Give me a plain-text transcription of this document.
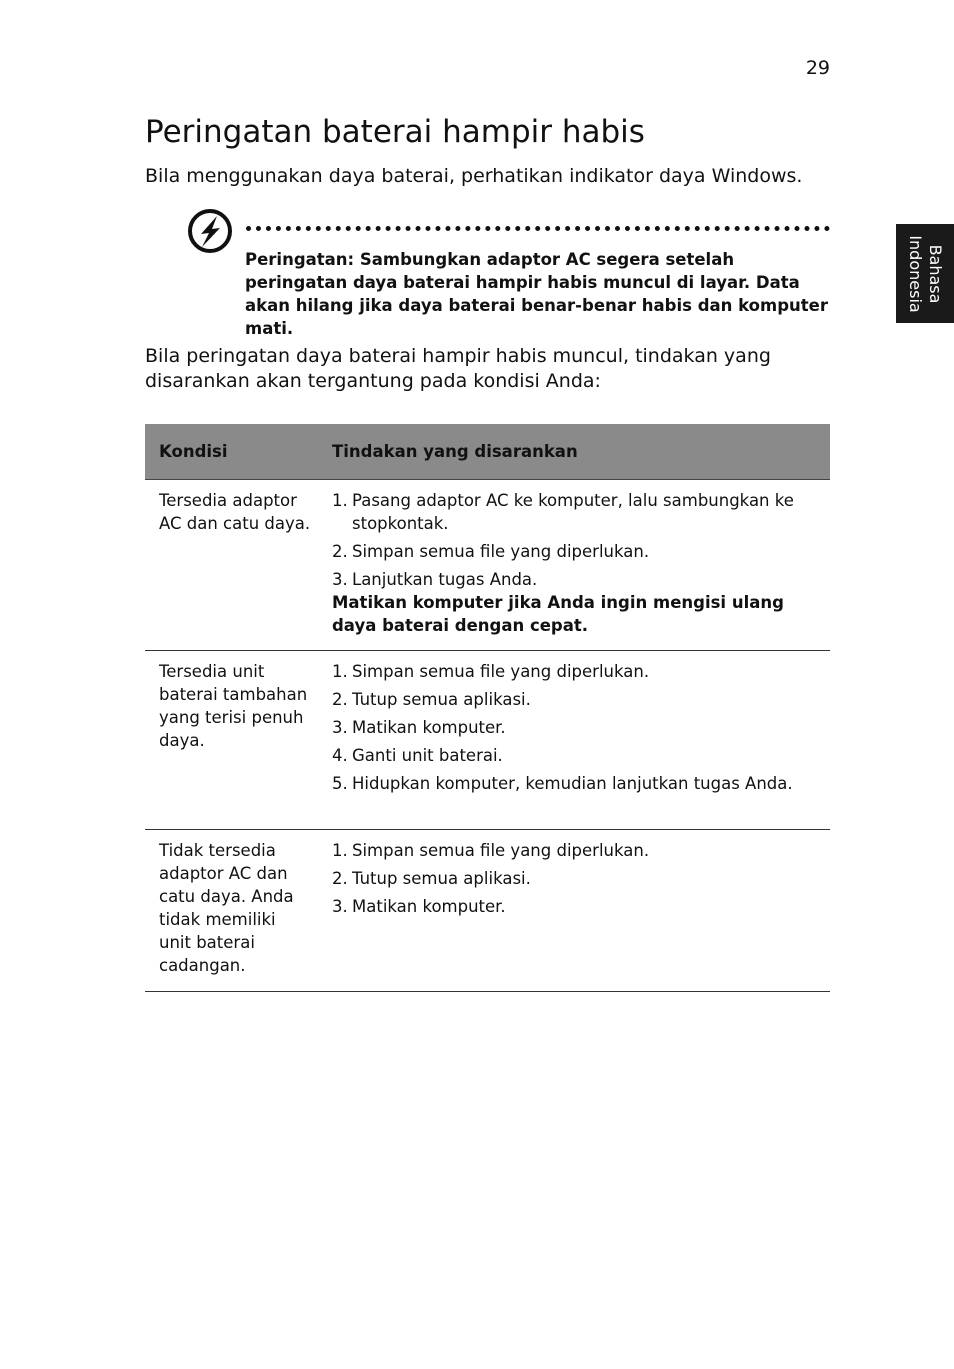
29
Bahasa
Indonesia
Peringatan baterai hampir habis

Bila menggunakan daya baterai, perhatikan indikator daya Windows.

Peringatan: Sambungkan adaptor AC segera setelah peringatan daya baterai hampir habis muncul di layar. Data akan hilang jika daya baterai benar-benar habis dan komputer mati.

Bila peringatan daya baterai hampir habis muncul, tindakan yang disarankan akan tergantung pada kondisi Anda:

Kondisi	Tindakan yang disarankan
Tersedia adaptor
AC dan catu daya.
1. Pasang adaptor AC ke komputer, lalu sambungkan ke stopkontak.
2. Simpan semua file yang diperlukan.
3. Lanjutkan tugas Anda.
Matikan komputer jika Anda ingin mengisi ulang daya baterai dengan cepat.
Tersedia unit
baterai tambahan
yang terisi penuh
daya.
1. Simpan semua file yang diperlukan.
2. Tutup semua aplikasi.
3. Matikan komputer.
4. Ganti unit baterai.
5. Hidupkan komputer, kemudian lanjutkan tugas Anda.
Tidak tersedia
adaptor AC dan
catu daya. Anda
tidak memiliki
unit baterai
cadangan.
1. Simpan semua file yang diperlukan.
2. Tutup semua aplikasi.
3. Matikan komputer.
